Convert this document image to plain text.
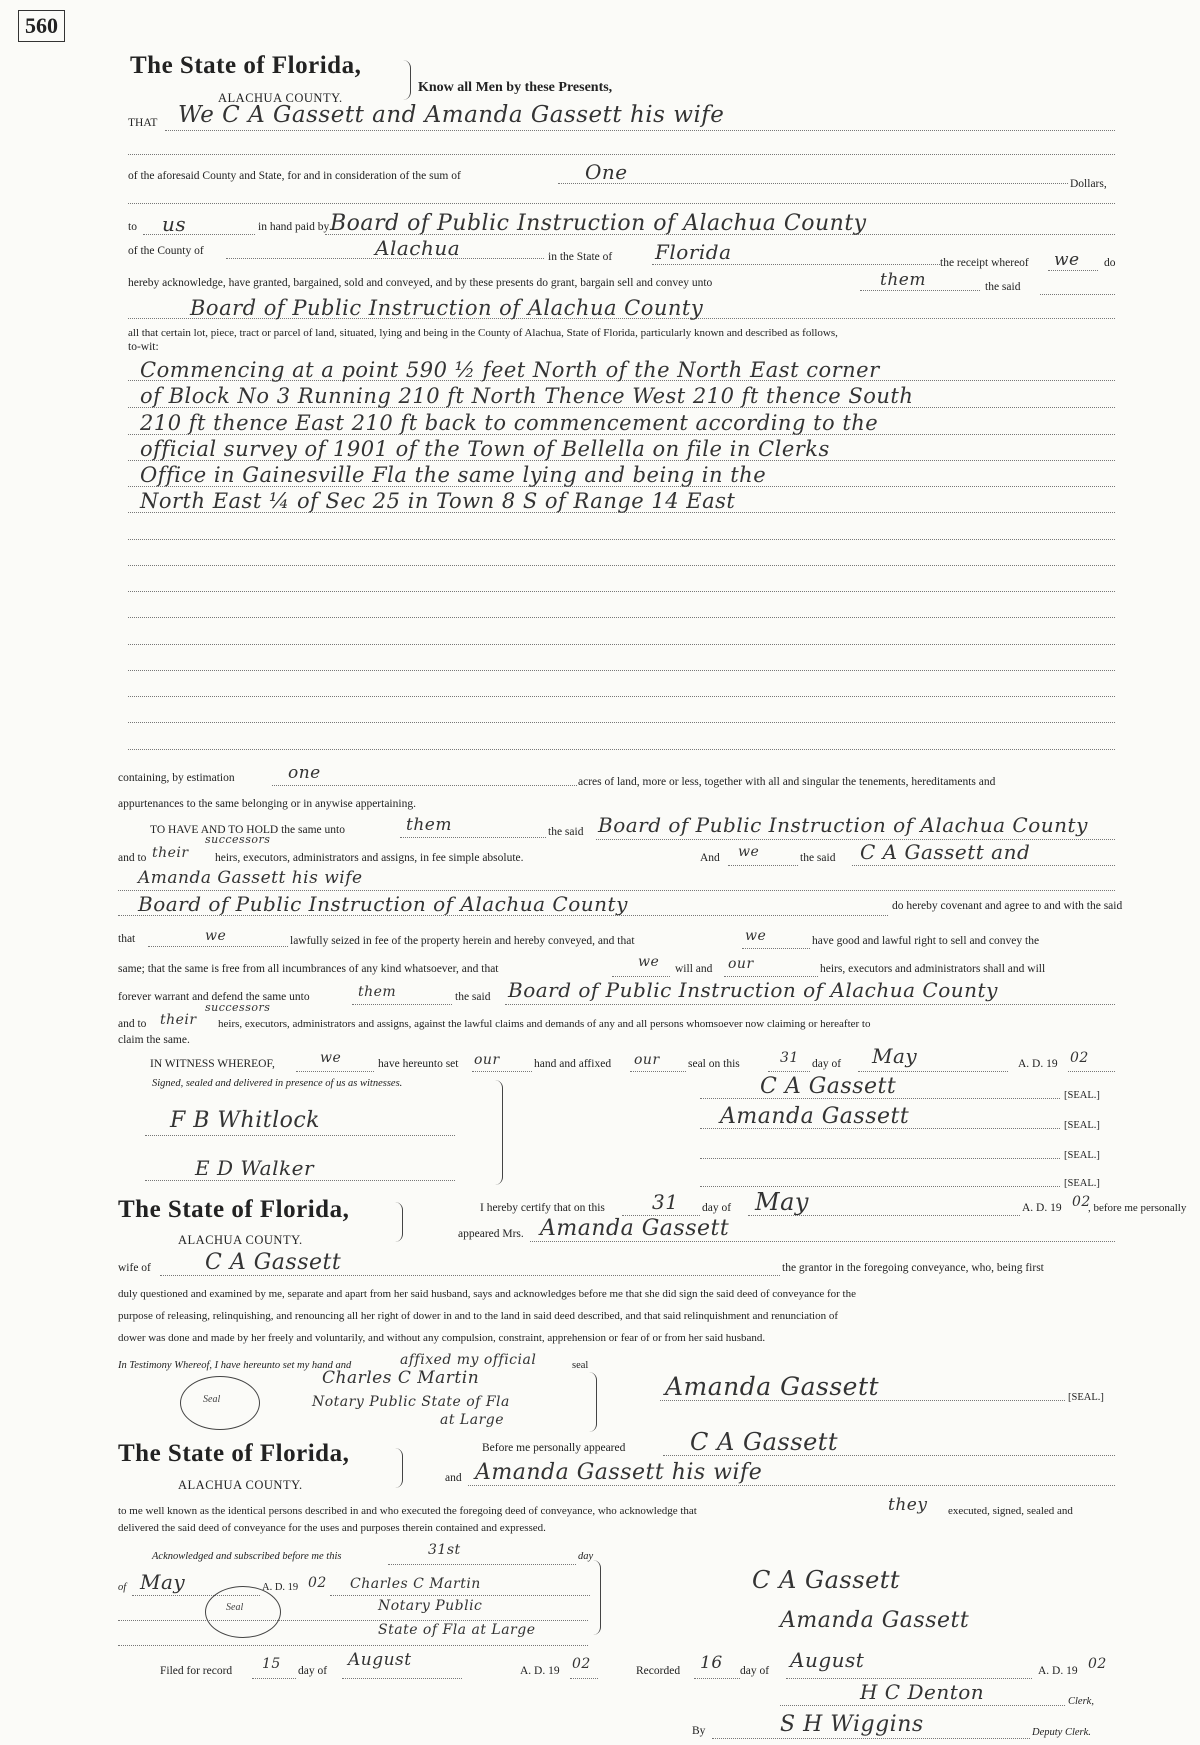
560
The State of Florida,
ALACHUA COUNTY.
Know all Men by these Presents,
THAT We C A Gassett and Amanda Gassett his wife
of the aforesaid County and State, for and in consideration of the sum of	One	Dollars,
to us	in hand paid by Board of Public Instruction of Alachua County
of the County of	Alachua	in the State of Florida	the receipt whereof we do
hereby acknowledge, have granted, bargained, sold and conveyed, and by these presents do grant, bargain sell and convey unto	them	the said
Board of Public Instruction of Alachua County
all that certain lot, piece, tract or parcel of land, situated, lying and being in the County of Alachua, State of Florida, particularly known and described as follows,
to-wit:
Commencing at a point 590 ½ feet North of the North East corner
of Block No 3 Running 210 ft North Thence West 210 ft thence South
210 ft thence East 210 ft back to commencement according to the
official survey of 1901 of the Town of Bellella on file in Clerks
Office in Gainesville Fla the same lying and being in the
North East ¼ of Sec 25 in Town 8 S of Range 14 East
containing, by estimation	one	acres of land, more or less, together with all and singular the tenements, hereditaments and
appurtenances to the same belonging or in anywise appertaining.
TO HAVE AND TO HOLD the same unto	them	the said Board of Public Instruction of Alachua County
and to their
successors
heirs, executors, administrators and assigns, in fee simple absolute.	And we	the said C A Gassett and
Amanda Gassett his wife
Board of Public Instruction of Alachua County	do hereby covenant and agree to and with the said
that	we	lawfully seized in fee of the property herein and hereby conveyed, and that	we	have good and lawful right to sell and convey the
same; that the same is free from all incumbrances of any kind whatsoever, and that	we will and our	heirs, executors and administrators shall and will
forever warrant and defend the same unto	them	the said Board of Public Instruction of Alachua County
and to their
successors
heirs, executors, administrators and assigns, against the lawful claims and demands of any and all persons whomsoever now claiming or hereafter to
claim the same.
IN WITNESS WHEREOF,	we	have hereunto set our	hand and affixed our seal on this	31 day of May	A. D. 19 02
Signed, sealed and delivered in presence of us as witnesses.	C A Gassett	[SEAL.]
Amanda Gassett	[SEAL.]
[SEAL.]
[SEAL.]
F B Whitlock
E D Walker
The State of Florida,
ALACHUA COUNTY.
I hereby certify that on this 31 day of May	A. D. 19 02
, before me personally
appeared Mrs. Amanda Gassett
wife of C A Gassett	the grantor in the foregoing conveyance, who, being first
duly questioned and examined by me, separate and apart from her said husband, says and acknowledges before me that she did sign the said deed of conveyance for the
purpose of releasing, relinquishing, and renouncing all her right of dower in and to the land in said deed described, and that said relinquishment and renunciation of
dower was done and made by her freely and voluntarily, and without any compulsion, constraint, apprehension or fear of or from her said husband.
In Testimony Whereof, I have hereunto set my hand and	affixed my official	seal
Seal
Charles C Martin
Notary Public State of Fla
at Large
Amanda Gassett	[SEAL.]
The State of Florida,
ALACHUA COUNTY.
Before me personally appeared	C A Gassett
and Amanda Gassett his wife
to me well known as the identical persons described in and who executed the foregoing deed of conveyance, who acknowledge that	they executed, signed, sealed and
delivered the said deed of conveyance for the uses and purposes therein contained and expressed.
Acknowledged and subscribed before me this	31st	day
of May	A. D. 19 02
Seal
Charles C Martin
Notary Public
State of Fla at Large
C A Gassett
Amanda Gassett
Filed for record 15 day of
August
A. D. 19 02	Recorded 16 day of August	A. D. 19 02
H C Denton	Clerk,
By	S H Wiggins	Deputy Clerk.
